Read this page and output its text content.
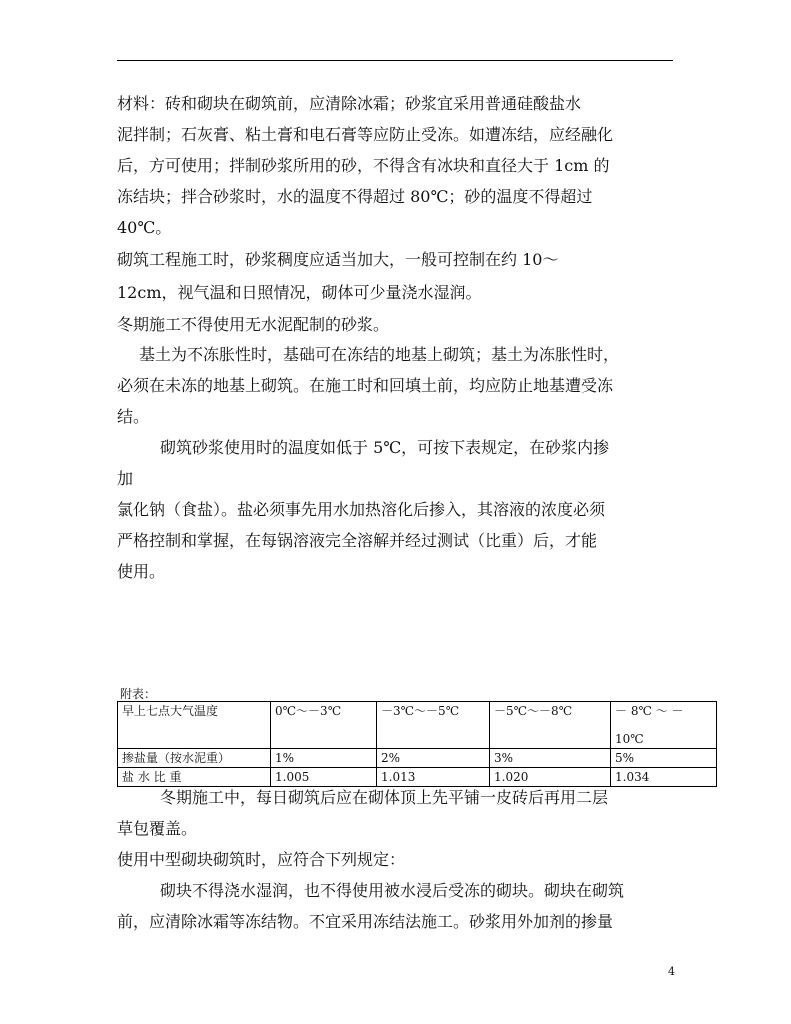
材料：砖和砌块在砌筑前，应清除冰霜；砂浆宜采用普通硅酸盐水
泥拌制；石灰膏、粘土膏和电石膏等应防止受冻。如遭冻结，应经融化
后，方可使用；拌制砂浆所用的砂，不得含有冰块和直径大于 1cm 的
冻结块；拌合砂浆时，水的温度不得超过 80℃；砂的温度不得超过
40℃。
砌筑工程施工时，砂浆稠度应适当加大，一般可控制在约 10～
12cm，视气温和日照情况，砌体可少量浇水湿润。
冬期施工不得使用无水泥配制的砂浆。
基土为不冻胀性时，基础可在冻结的地基上砌筑；基土为冻胀性时，
必须在未冻的地基上砌筑。在施工时和回填土前，均应防止地基遭受冻
结。
砌筑砂浆使用时的温度如低于 5℃，可按下表规定，在砂浆内掺
加
氯化钠（食盐）。盐必须事先用水加热溶化后掺入，其溶液的浓度必须
严格控制和掌握，在每锅溶液完全溶解并经过测试（比重）后，才能
使用。
附表：
早上七点大气温度	0℃～－3℃	－3℃～－5℃	－5℃～－8℃	－ 8℃ ～ －
10℃

掺盐量（按水泥重）	1%	2%	3%	5%
盐 水 比 重	1.005	1.013	1.020	1.034
冬期施工中，每日砌筑后应在砌体顶上先平铺一皮砖后再用二层
草包覆盖。
使用中型砌块砌筑时，应符合下列规定：
砌块不得浇水湿润，也不得使用被水浸后受冻的砌块。砌块在砌筑
前，应清除冰霜等冻结物。不宜采用冻结法施工。砂浆用外加剂的掺量
4
